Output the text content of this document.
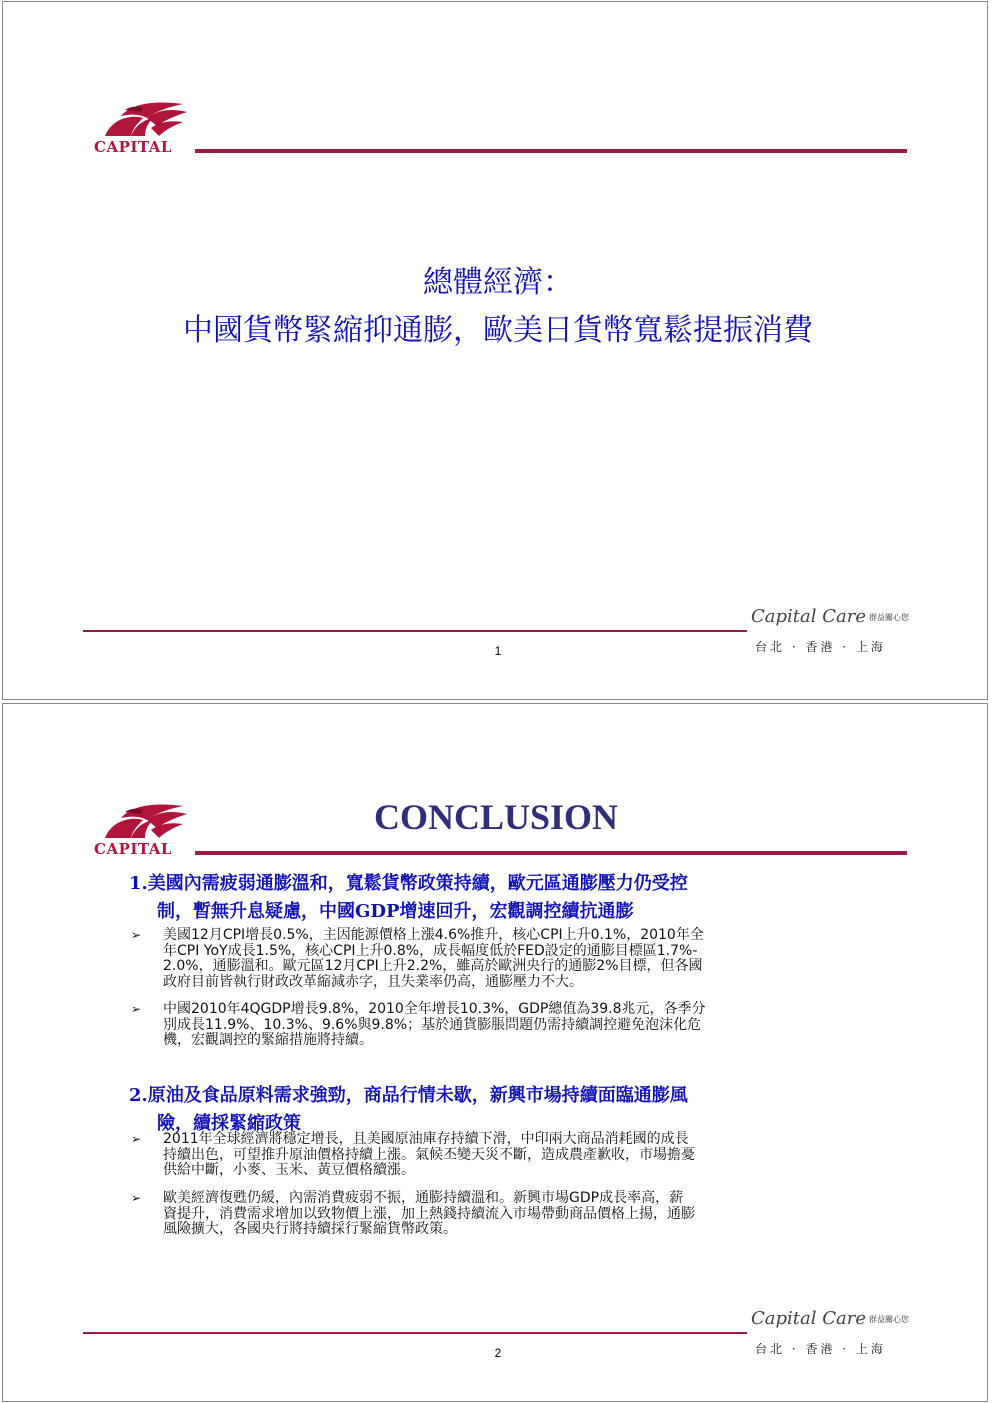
CAPITAL
總體經濟：
中國貨幣緊縮抑通膨，歐美日貨幣寬鬆提振消費
Capital Care 群益關心您
台北 · 香港 · 上海
1
CAPITAL
CONCLUSION
1.美國內需疲弱通膨溫和，寬鬆貨幣政策持續，歐元區通膨壓力仍受控
制，暫無升息疑慮，中國GDP增速回升，宏觀調控續抗通膨
➢ 美國12月CPI增長0.5%，主因能源價格上漲4.6%推升，核心CPI上升0.1%，2010年全
年CPI YoY成長1.5%，核心CPI上升0.8%，成長幅度低於FED設定的通膨目標區1.7%-
2.0%，通膨溫和。歐元區12月CPI上升2.2%，雖高於歐洲央行的通膨2%目標，但各國
政府目前皆執行財政改革縮減赤字，且失業率仍高，通膨壓力不大。
➢ 中國2010年4QGDP增長9.8%，2010全年增長10.3%，GDP總值為39.8兆元，各季分
別成長11.9%、10.3%、9.6%與9.8%；基於通貨膨脹問題仍需持續調控避免泡沫化危
機，宏觀調控的緊縮措施將持續。
2.原油及食品原料需求強勁，商品行情未歇，新興市場持續面臨通膨風
險，續採緊縮政策
➢ 2011年全球經濟將穩定增長，且美國原油庫存持續下滑，中印兩大商品消耗國的成長
持續出色，可望推升原油價格持續上漲。氣候丕變天災不斷，造成農產歉收，市場擔憂
供給中斷，小麥、玉米、黃豆價格續漲。
➢ 歐美經濟復甦仍緩，內需消費疲弱不振，通膨持續溫和。新興市場GDP成長率高，薪
資提升，消費需求增加以致物價上漲，加上熱錢持續流入市場帶動商品價格上揚，通膨
風險擴大，各國央行將持續採行緊縮貨幣政策。
Capital Care 群益關心您
台北 · 香港 · 上海
2
